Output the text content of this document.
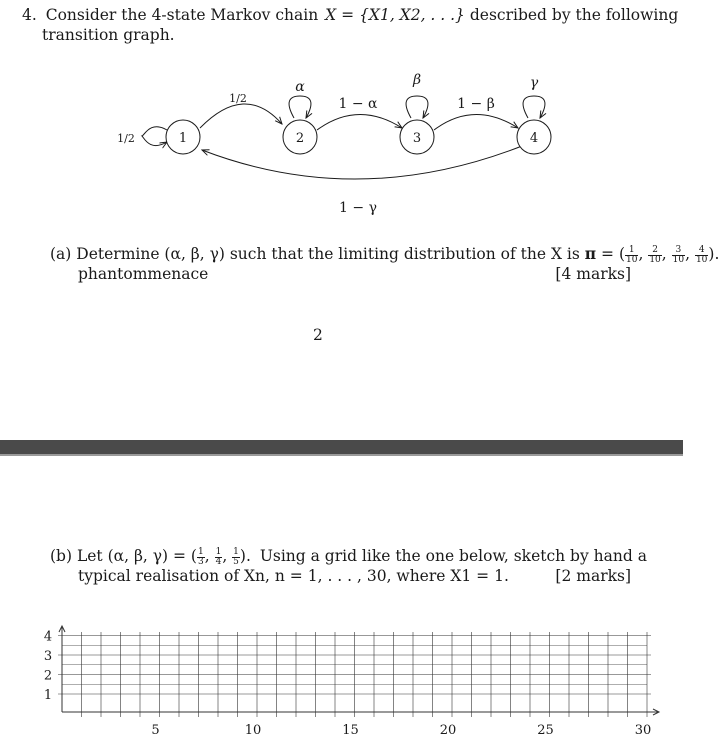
4. Consider the 4-state Markov chain X = {X1, X2, . . .} described by the following
transition graph.
1	2	3	4
1/2
α	β	γ
1/2	1 − α	1 − β
1 − γ
(a) Determine (α, β, γ) such that the limiting distribution of the X is π = ( $\frac{1}{10}$ , $\frac{2}{10}$ , $\frac{3}{10}$ , $\frac{4}{10}$ ).
phantommenace	[4 marks]
2
(b) Let (α, β, γ) = ( $\frac{1}{3}$ , $\frac{1}{4}$ , $\frac{1}{5}$ ). Using a grid like the one below, sketch by hand a
typical realisation of Xn, n = 1, . . . , 30, where X1 = 1.	[2 marks]
1
2
3
4
5	10	15	20	25	30
